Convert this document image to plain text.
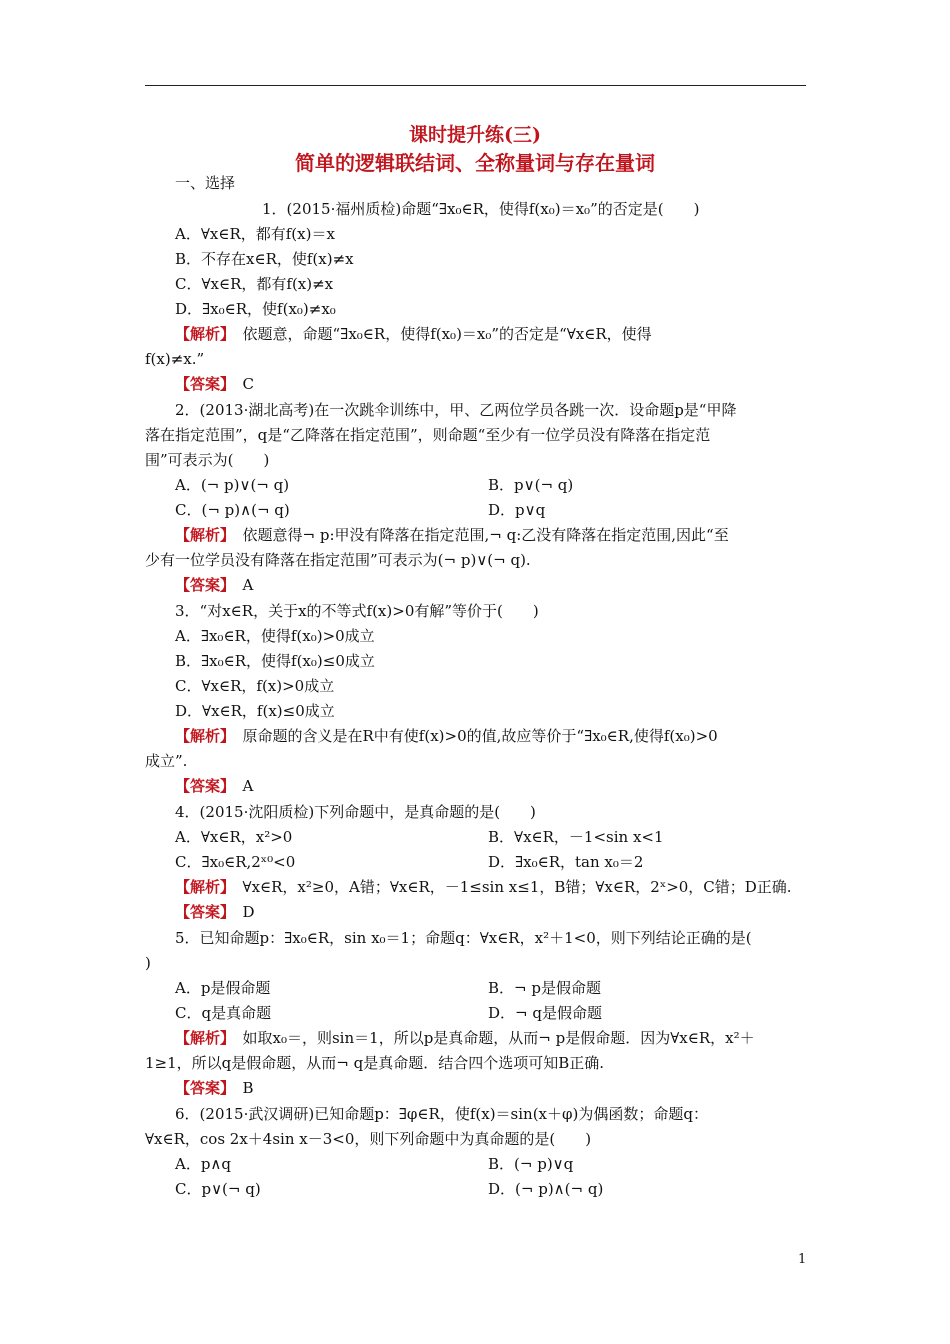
课时提升练(三)
简单的逻辑联结词、全称量词与存在量词
一、选择
1．(2015·福州质检)命题“∃x₀∈R，使得f(x₀)＝x₀”的否定是(　　)
A．∀x∈R，都有f(x)＝x
B．不存在x∈R，使f(x)≠x
C．∀x∈R，都有f(x)≠x
D．∃x₀∈R，使f(x₀)≠x₀
【解析】　依题意，命题“∃x₀∈R，使得f(x₀)＝x₀”的否定是“∀x∈R，使得
f(x)≠x.”
【答案】　C
2．(2013·湖北高考)在一次跳伞训练中，甲、乙两位学员各跳一次．设命题p是“甲降
落在指定范围”，q是“乙降落在指定范围”，则命题“至少有一位学员没有降落在指定范
围”可表示为(　　)
A．(¬ p)∨(¬ q)	B．p∨(¬ q)
C．(¬ p)∧(¬ q)	D．p∨q
【解析】　依题意得¬ p:甲没有降落在指定范围,¬ q:乙没有降落在指定范围,因此“至
少有一位学员没有降落在指定范围”可表示为(¬ p)∨(¬ q).
【答案】　A
3．“对x∈R，关于x的不等式f(x)>0有解”等价于(　　)
A．∃x₀∈R，使得f(x₀)>0成立
B．∃x₀∈R，使得f(x₀)≤0成立
C．∀x∈R，f(x)>0成立
D．∀x∈R，f(x)≤0成立
【解析】　原命题的含义是在R中有使f(x)>0的值,故应等价于“∃x₀∈R,使得f(x₀)>0
成立”.
【答案】　A
4．(2015·沈阳质检)下列命题中，是真命题的是(　　)
A．∀x∈R，x²>0	B．∀x∈R，－1<sin x<1
C．∃x₀∈R,2ˣ⁰<0	D．∃x₀∈R，tan x₀＝2
【解析】　∀x∈R，x²≥0，A错；∀x∈R，－1≤sin x≤1，B错；∀x∈R，2ˣ>0，C错；D正确.
【答案】　D
5．已知命题p：∃x₀∈R，sin x₀＝1；命题q：∀x∈R，x²＋1<0，则下列结论正确的是(
)
A．p是假命题	B．¬ p是假命题
C．q是真命题	D．¬ q是假命题
【解析】　如取x₀＝，则sin＝1，所以p是真命题，从而¬ p是假命题．因为∀x∈R，x²＋
1≥1，所以q是假命题，从而¬ q是真命题．结合四个选项可知B正确.
【答案】　B
6．(2015·武汉调研)已知命题p：∃φ∈R，使f(x)＝sin(x＋φ)为偶函数；命题q：
∀x∈R，cos 2x＋4sin x－3<0，则下列命题中为真命题的是(　　)
A．p∧q	B．(¬ p)∨q
C．p∨(¬ q)	D．(¬ p)∧(¬ q)
1
